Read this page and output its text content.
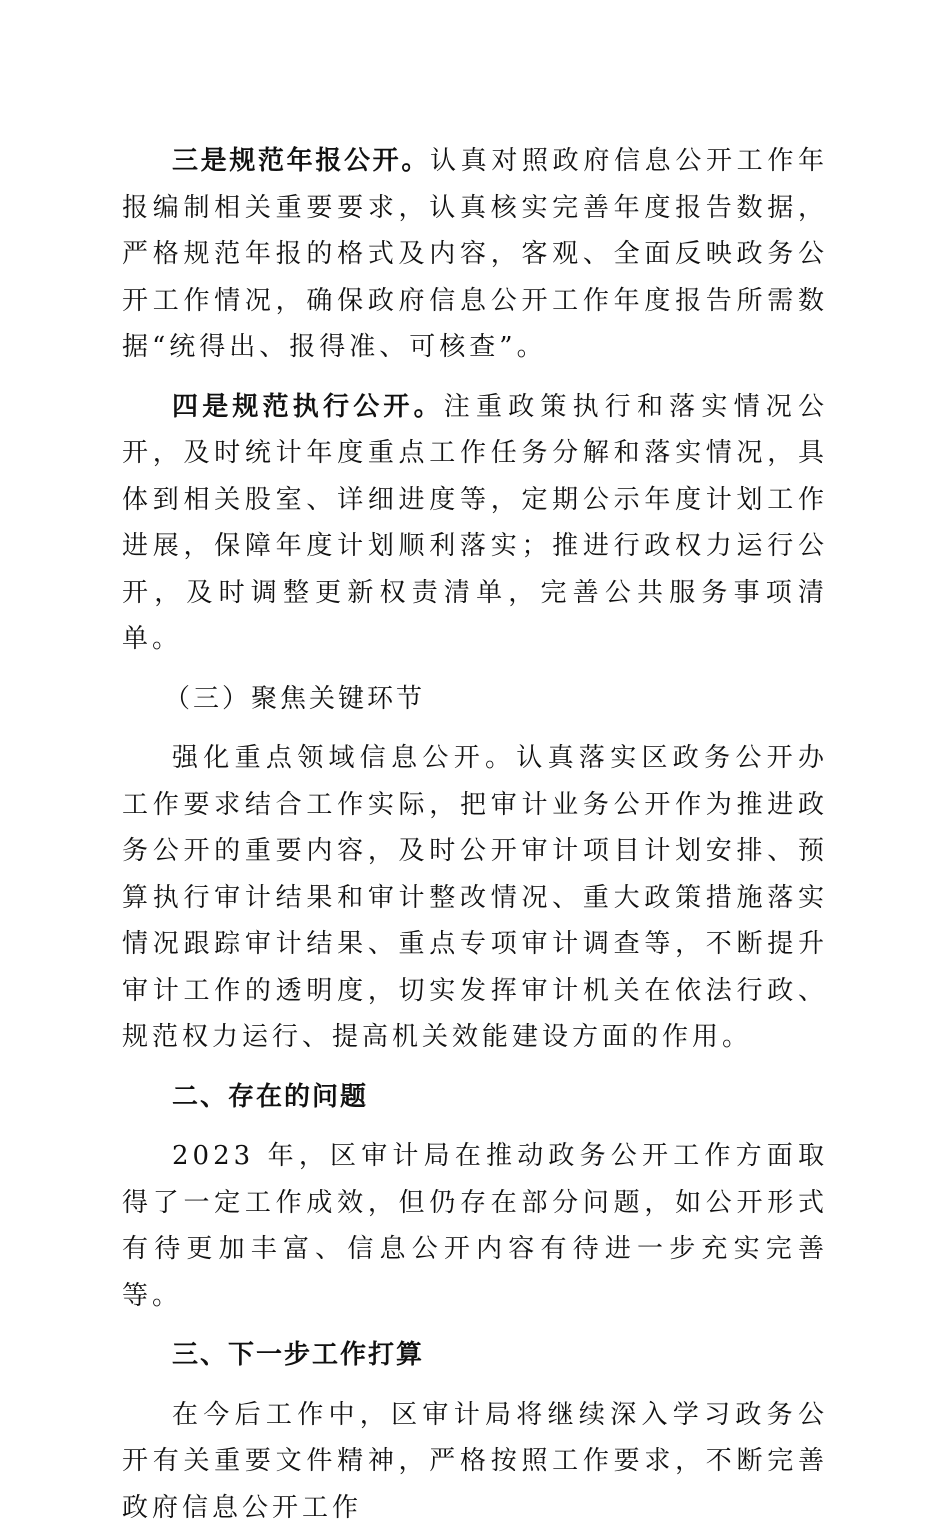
三是规范年报公开。认真对照政府信息公开工作年报编制相关重要要求，认真核实完善年度报告数据，严格规范年报的格式及内容，客观、全面反映政务公开工作情况，确保政府信息公开工作年度报告所需数据“统得出、报得准、可核查”。

四是规范执行公开。注重政策执行和落实情况公开，及时统计年度重点工作任务分解和落实情况，具体到相关股室、详细进度等，定期公示年度计划工作进展，保障年度计划顺利落实；推进行政权力运行公开，及时调整更新权责清单，完善公共服务事项清单。

（三）聚焦关键环节

强化重点领域信息公开。认真落实区政务公开办工作要求结合工作实际，把审计业务公开作为推进政务公开的重要内容，及时公开审计项目计划安排、预算执行审计结果和审计整改情况、重大政策措施落实情况跟踪审计结果、重点专项审计调查等，不断提升审计工作的透明度，切实发挥审计机关在依法行政、规范权力运行、提高机关效能建设方面的作用。

二、存在的问题

2023 年，区审计局在推动政务公开工作方面取得了一定工作成效，但仍存在部分问题，如公开形式有待更加丰富、信息公开内容有待进一步充实完善等。

三、下一步工作打算

在今后工作中，区审计局将继续深入学习政务公开有关重要文件精神，严格按照工作要求，不断完善政府信息公开工作
